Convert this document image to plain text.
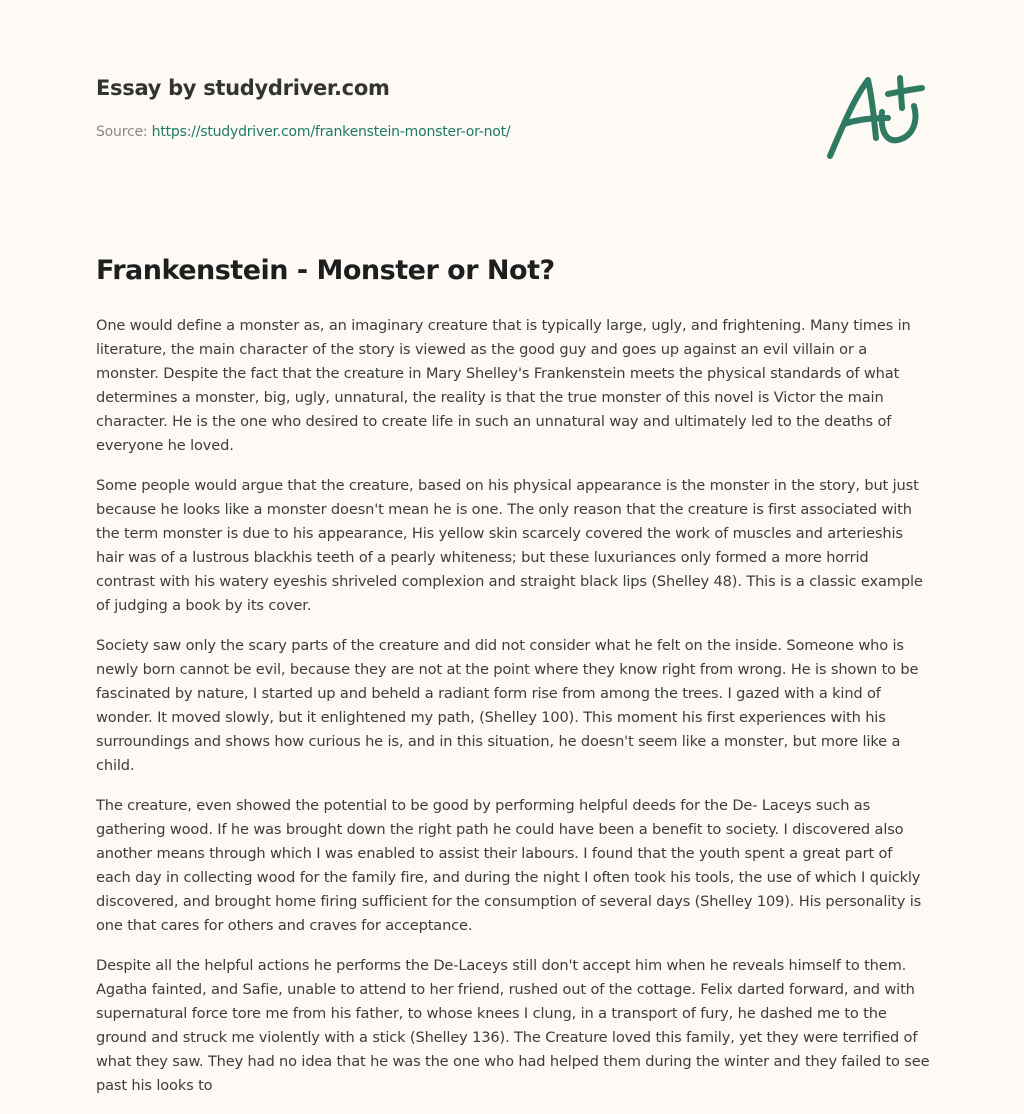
Essay by studydriver.com
Source: https://studydriver.com/frankenstein-monster-or-not/
Frankenstein - Monster or Not?

One would define a monster as, an imaginary creature that is typically large, ugly, and frightening. Many times in literature, the main character of the story is viewed as the good guy and goes up against an evil villain or a monster. Despite the fact that the creature in Mary Shelley's Frankenstein meets the physical standards of what determines a monster, big, ugly, unnatural, the reality is that the true monster of this novel is Victor the main character. He is the one who desired to create life in such an unnatural way and ultimately led to the deaths of everyone he loved.

Some people would argue that the creature, based on his physical appearance is the monster in the story, but just because he looks like a monster doesn't mean he is one. The only reason that the creature is first associated with the term monster is due to his appearance, His yellow skin scarcely covered the work of muscles and arterieshis hair was of a lustrous blackhis teeth of a pearly whiteness; but these luxuriances only formed a more horrid contrast with his watery eyeshis shriveled complexion and straight black lips (Shelley 48). This is a classic example of judging a book by its cover.

Society saw only the scary parts of the creature and did not consider what he felt on the inside. Someone who is newly born cannot be evil, because they are not at the point where they know right from wrong. He is shown to be fascinated by nature, I started up and beheld a radiant form rise from among the trees. I gazed with a kind of wonder. It moved slowly, but it enlightened my path, (Shelley 100). This moment his first experiences with his surroundings and shows how curious he is, and in this situation, he doesn't seem like a monster, but more like a child.

The creature, even showed the potential to be good by performing helpful deeds for the De- Laceys such as gathering wood. If he was brought down the right path he could have been a benefit to society. I discovered also another means through which I was enabled to assist their labours. I found that the youth spent a great part of each day in collecting wood for the family fire, and during the night I often took his tools, the use of which I quickly discovered, and brought home firing sufficient for the consumption of several days (Shelley 109). His personality is one that cares for others and craves for acceptance.

Despite all the helpful actions he performs the De-Laceys still don't accept him when he reveals himself to them. Agatha fainted, and Safie, unable to attend to her friend, rushed out of the cottage. Felix darted forward, and with supernatural force tore me from his father, to whose knees I clung, in a transport of fury, he dashed me to the ground and struck me violently with a stick (Shelley 136). The Creature loved this family, yet they were terrified of what they saw. They had no idea that he was the one who had helped them during the winter and they failed to see past his looks to
